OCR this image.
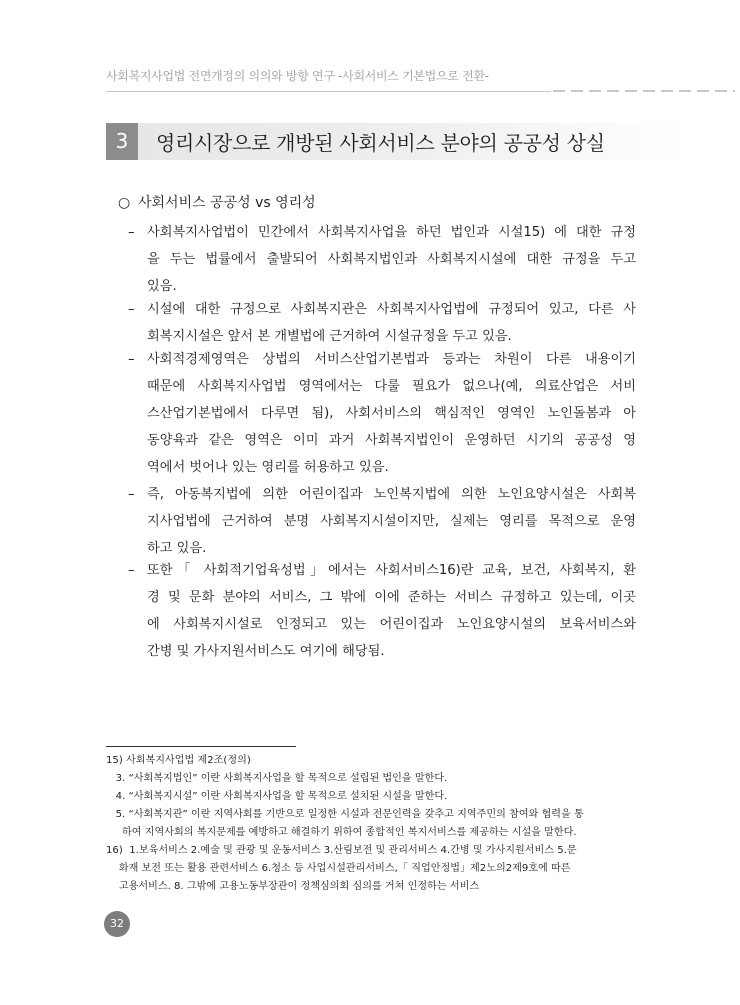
사회복지사업법 전면개정의 의의와 방향 연구 -사회서비스 기본법으로 전환-
3	영리시장으로 개방된 사회서비스 분야의 공공성 상실
○ 사회서비스 공공성 vs 영리성
– 사회복지사업법이 민간에서 사회복지사업을 하던 법인과 시설15) 에 대한 규정
을 두는 법률에서 출발되어 사회복지법인과 사회복지시설에 대한 규정을 두고
있음.
– 시설에 대한 규정으로 사회복지관은 사회복지사업법에 규정되어 있고, 다른 사
회복지시설은 앞서 본 개별법에 근거하여 시설규정을 두고 있음.
– 사회적경제영역은 상법의 서비스산업기본법과 등과는 차원이 다른 내용이기
때문에 사회복지사업법 영역에서는 다룰 필요가 없으나(예, 의료산업은 서비
스산업기본법에서 다루면 됨), 사회서비스의 핵심적인 영역인 노인돌봄과 아
동양육과 같은 영역은 이미 과거 사회복지법인이 운영하던 시기의 공공성 영
역에서 벗어나 있는 영리를 허용하고 있음.
– 즉, 아동복지법에 의한 어린이집과 노인복지법에 의한 노인요양시설은 사회복
지사업법에 근거하여 분명 사회복지시설이지만, 실제는 영리를 목적으로 운영
하고 있음.
– 또한「 사회적기업육성법」에서는 사회서비스16)란 교육, 보건, 사회복지, 환
경 및 문화 분야의 서비스, 그 밖에 이에 준하는 서비스 규정하고 있는데, 이곳
에 사회복지시설로 인정되고 있는 어린이집과 노인요양시설의 보육서비스와
간병 및 가사지원서비스도 여기에 해당됨.
15) 사회복지사업법 제2조(정의)
3. “사회복지법인” 이란 사회복지사업을 할 목적으로 설립된 법인을 말한다.
4. “사회복지시설” 이란 사회복지사업을 할 목적으로 설치된 시설을 말한다.
5. “사회복지관” 이란 지역사회를 기반으로 일정한 시설과 전문인력을 갖추고 지역주민의 참여와 협력을 통
하여 지역사회의 복지문제를 예방하고 해결하기 위하여 종합적인 복지서비스를 제공하는 시설을 말한다.
16)  1.보육서비스 2.예술 및 관광 및 운동서비스 3.산림보전 및 관리서비스 4.간병 및 가사지원서비스 5.문
화재 보전 또는 활용 관련서비스 6.청소 등 사업시설관리서비스,「 직업안정법」제2노의2제9호에 따른
고용서비스. 8. 그밖에 고용노동부장관이 정책심의회 심의를 거쳐 인정하는 서비스
32
